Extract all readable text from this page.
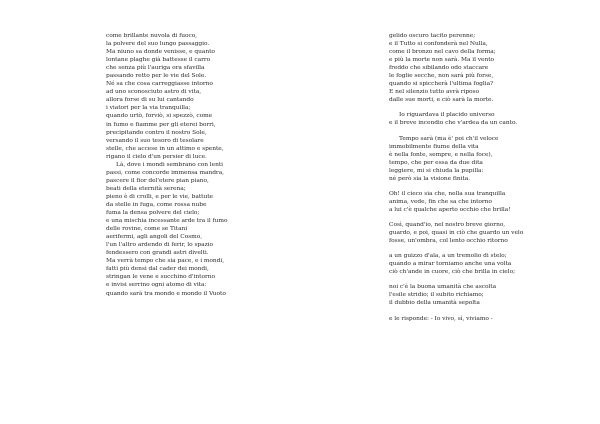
come brillante nuvola di fuoco,
la polvere del suo lungo passaggio.
Ma niuno sa donde venisse, e quanto
lontane plaghe già battesse il carro
che senza più l'auriga ora sfavilla
passando retto per le vie del Sole.
Né sa che cosa carreggiasse intorno
ad uno sconosciuto astro di vita,
allora forse di su lui cantando
i viatori per la via tranquilla;
quando urtò, forviò, si spezzò, come
in fumo e fiamme per gli eterei borri,
precipitando contro il nostro Sole,
versando il suo tesoro di tesolare
stelle, che accese in un attimo e spente,
rigano il cielo d'un persier di luce.
Là, dove i mondi sembrano con lenti
passi, come concorde immensa mandra,
pascere il fior del'etere pian piano,
beati della eternità serena;
pieno è di crolli, e per le vie, battute
da stelle in fuga, come rossa nube
fuma la densa polvere del cielo;
e una mischia incessante arde tra il fumo
delle rovine, come se Titani
aerifermi, agli angoli del Cosmo,
l'un l'altro ardendo di ferir, lo spazio
fendessero con grandi astri divelti.
Ma verrà tempo che sia pace, e i mondi,
fatti più densi dal cader dei mondi,
stringan le vene e succhino d'intorno
e invisi serrino ogni atomo di vita:
quando sarà tra mondo e mondo il Vuoto
gelido oscuro tacito perenne;
e il Tutto si confonderà nel Nulla,
come il bronzo nel cavo della forma;
e più la morte non sarà. Ma il vento
freddo che sibilando odo staccare
le foglie secche, non sarà più forse,
quando si spiccherà l'ultima foglia?
E nel silenzio tutto avrà riposo
dalle sue morti, e ciò sarà la morte.
Io riguardava il placido universo
e il breve incendio che v'ardea da un canto.
Tempo sarà (ma è' poi ch'il veloce
immobilmente fiume della vita
è nella fonte, sempre, e nella foce),
tempo, che per essa da due dita
leggiere, mi si chiuda la pupilla:
né però sia la visione finita.
Oh! il cieco sia che, nella sua tranquilla
anima, vede, fin che sa che intorno
a lui c'è qualche aperto occhio che brilla!
Così, quand'io, nel nostro breve giorno,
guardo, e poi, quasi in ciò che guardo un velo
fosse, un'ombra, col lento occhio ritorno
a un guizzo d'ala, a un tremolio di stelo;
quando a mirar torniamo anche una volta
ciò ch'ande in cuore, ciò che brilla in cielo;
noi c'è la buona umanità che ascolta
l'esile stridio; il subito richiamo;
il dubbio della umanità sepolta
e le risponde: - Io vivo, sì, viviamo -
